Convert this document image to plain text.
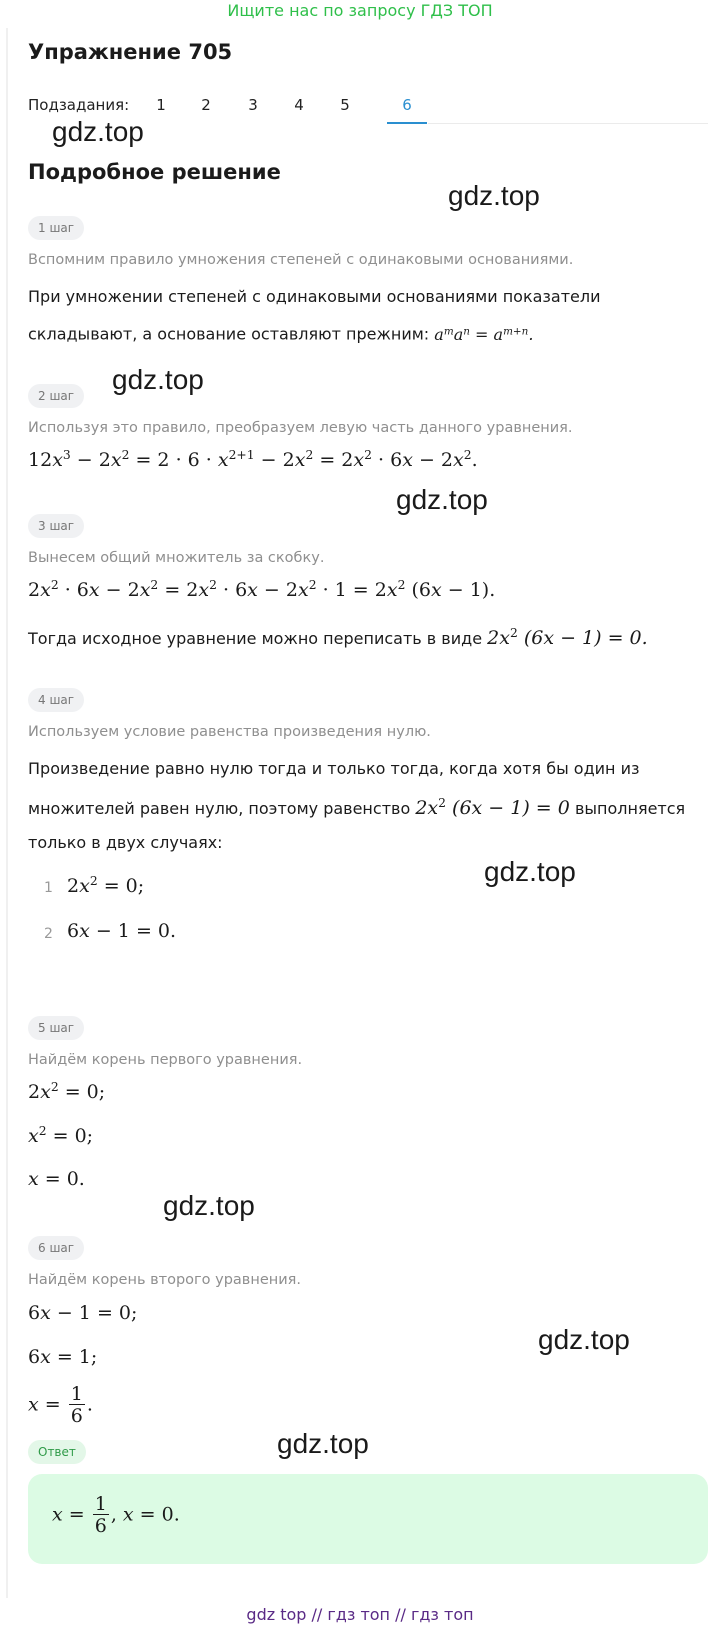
Ищите нас по запросу ГДЗ ТОП
Упражнение 705
Подзадания:	1	2	3	4	5	6
Подробное решение
1 шаг
Вспомним правило умножения степеней с одинаковыми основаниями.
При умножении степеней с одинаковыми основаниями показатели складывают, а основание оставляют прежним: $a^ma^n = a^{m+n}$.
2 шаг
Используя это правило, преобразуем левую часть данного уравнения.
$12x^3 - 2x^2 = 2 \cdot 6 \cdot x^{2+1} - 2x^2 = 2x^2 \cdot 6x - 2x^2$.
3 шаг
Вынесем общий множитель за скобку.
$2x^2 \cdot 6x - 2x^2 = 2x^2 \cdot 6x - 2x^2 \cdot 1 = 2x^2$ (6x − 1).
Тогда исходное уравнение можно переписать в виде $2x^2$ (6x − 1) = 0.
4 шаг
Используем условие равенства произведения нулю.
Произведение равно нулю тогда и только тогда, когда хотя бы один из множителей равен нулю, поэтому равенство $2x^2$ (6x − 1) = 0 выполняется только в двух случаях:
1 $2x^2 = 0$;
2 6x − 1 = 0.
5 шаг
Найдём корень первого уравнения.
$2x^2 = 0$;
$x^2 = 0$;
x = 0.
6 шаг
Найдём корень второго уравнения.
6x − 1 = 0;
6x = 1;
$x = \frac{1}{6}$ .
Ответ
$x = \frac{1}{6}$ , x = 0.
gdz.top
gdz.top
gdz.top
gdz.top
gdz.top
gdz.top
gdz.top
gdz.top
gdz top // гдз топ // гдз топ
